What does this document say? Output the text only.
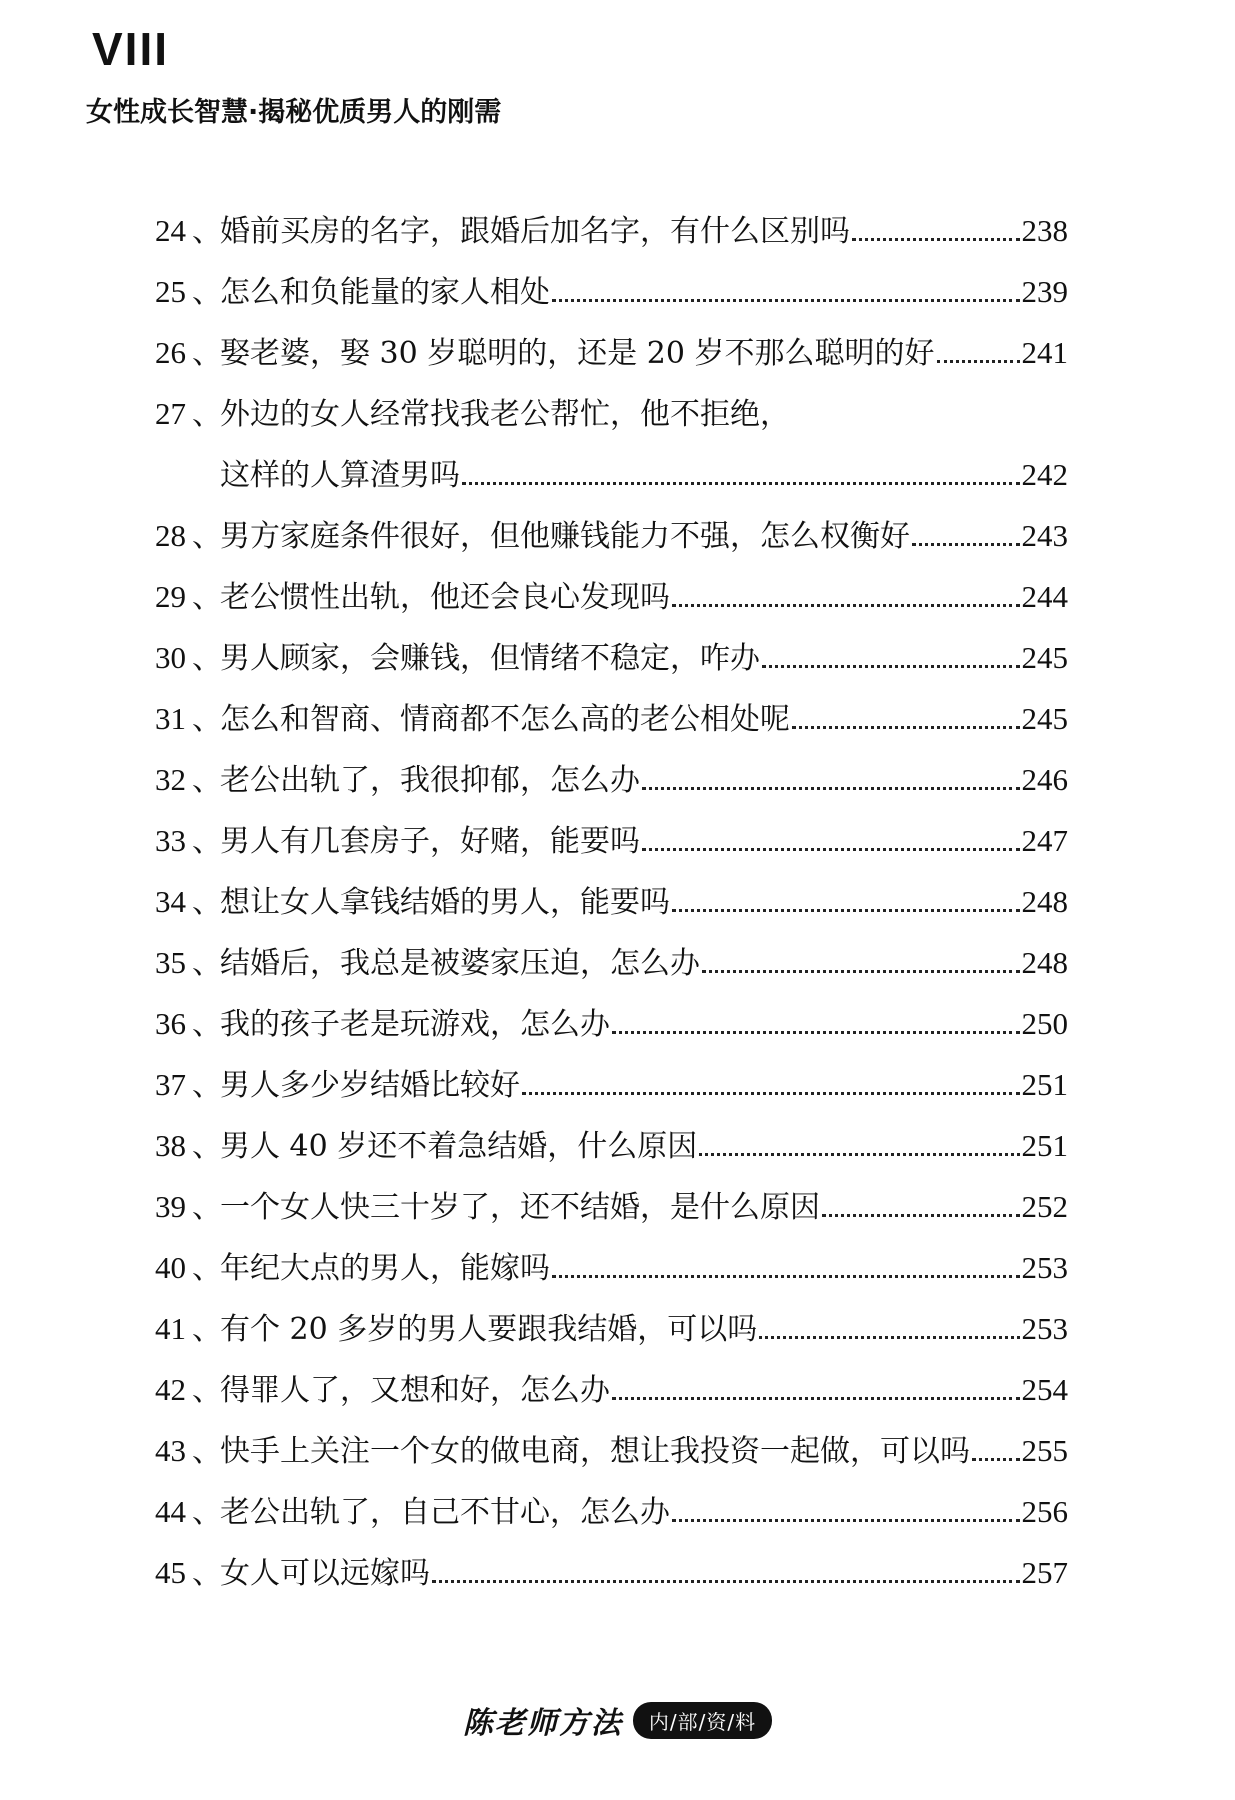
VIII
女性成长智慧·揭秘优质男人的刚需
24 、
婚前买房的名字，跟婚后加名字，有什么区别吗	238
25 、
怎么和负能量的家人相处	239
26 、
娶老婆，娶 30 岁聪明的，还是 20 岁不那么聪明的好	241
27 、
外边的女人经常找我老公帮忙，他不拒绝，
这样的人算渣男吗	242
28 、
男方家庭条件很好，但他赚钱能力不强，怎么权衡好	243
29 、
老公惯性出轨，他还会良心发现吗	244
30 、
男人顾家，会赚钱，但情绪不稳定，咋办	245
31 、
怎么和智商、情商都不怎么高的老公相处呢	245
32 、
老公出轨了，我很抑郁，怎么办	246
33 、
男人有几套房子，好赌，能要吗	247
34 、
想让女人拿钱结婚的男人，能要吗	248
35 、
结婚后，我总是被婆家压迫，怎么办	248
36 、
我的孩子老是玩游戏，怎么办	250
37 、
男人多少岁结婚比较好	251
38 、
男人 40 岁还不着急结婚，什么原因	251
39 、
一个女人快三十岁了，还不结婚，是什么原因	252
40 、
年纪大点的男人，能嫁吗	253
41 、
有个 20 多岁的男人要跟我结婚，可以吗	253
42 、
得罪人了，又想和好，怎么办	254
43 、
快手上关注一个女的做电商，想让我投资一起做，可以吗 255
44 、
老公出轨了，自己不甘心，怎么办	256
45 、
女人可以远嫁吗	257
陈老师方法	内/部/资/料
